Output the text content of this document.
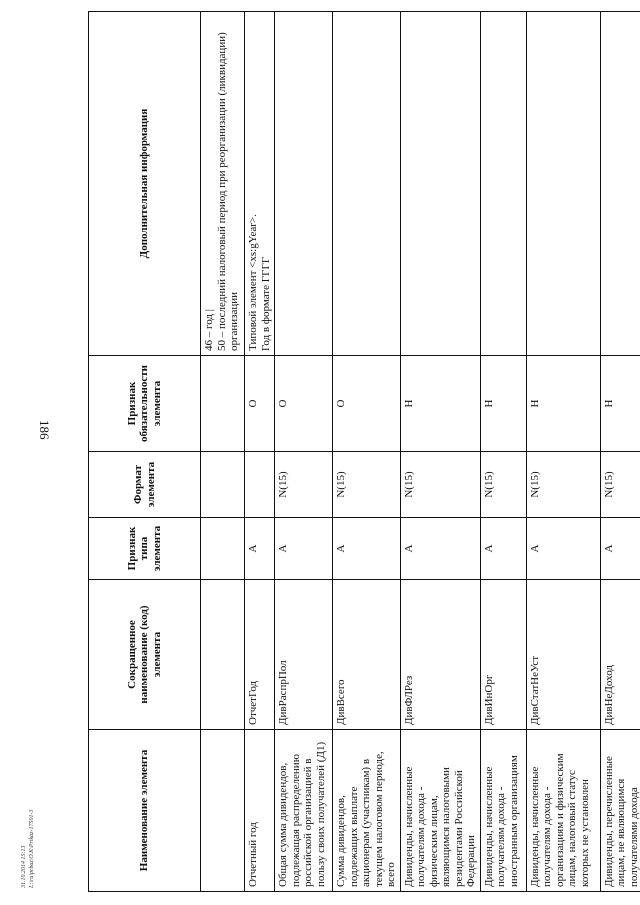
186
31.10.2014 15:13 L:\ru\prbaz\O.K\Prikaz-17501-3	Наименование элемента	Сокращенное наименование (код) элемента	Признак типа элемента	Формат элемента	Признак обязательности элемента	Дополнительная информация
					46 – год |
50 – последний налоговый период при реорганизации (ликвидации) организации
Отчетный год	ОтчетГод	А		О	Типовой элемент <xs:gYear>.
Год в формате ГГГГ
Общая сумма дивидендов, подлежащая распределению российской организацией в пользу своих получателей (Д1)	ДивРаспрПол	А	N(15)	О	
Сумма дивидендов, подлежащих выплате акционерам (участникам) в текущем налоговом периоде, всего	ДивВсего	А	N(15)	О	
Дивиденды, начисленные получателям дохода - физическим лицам, являющимся налоговыми резидентами Российской Федерации	ДивФЛРез	А	N(15)	Н	
Дивиденды, начисленные получателям дохода - иностранным организациям	ДивИнОрг	А	N(15)	Н	
Дивиденды, начисленные получателям дохода - организациям и физическим лицам, налоговый статус которых не установлен	ДивСтатНеУст	А	N(15)	Н	
Дивиденды, перечисленные лицам, не являющимся получателями дохода	ДивНеДоход	А	N(15)	Н	
